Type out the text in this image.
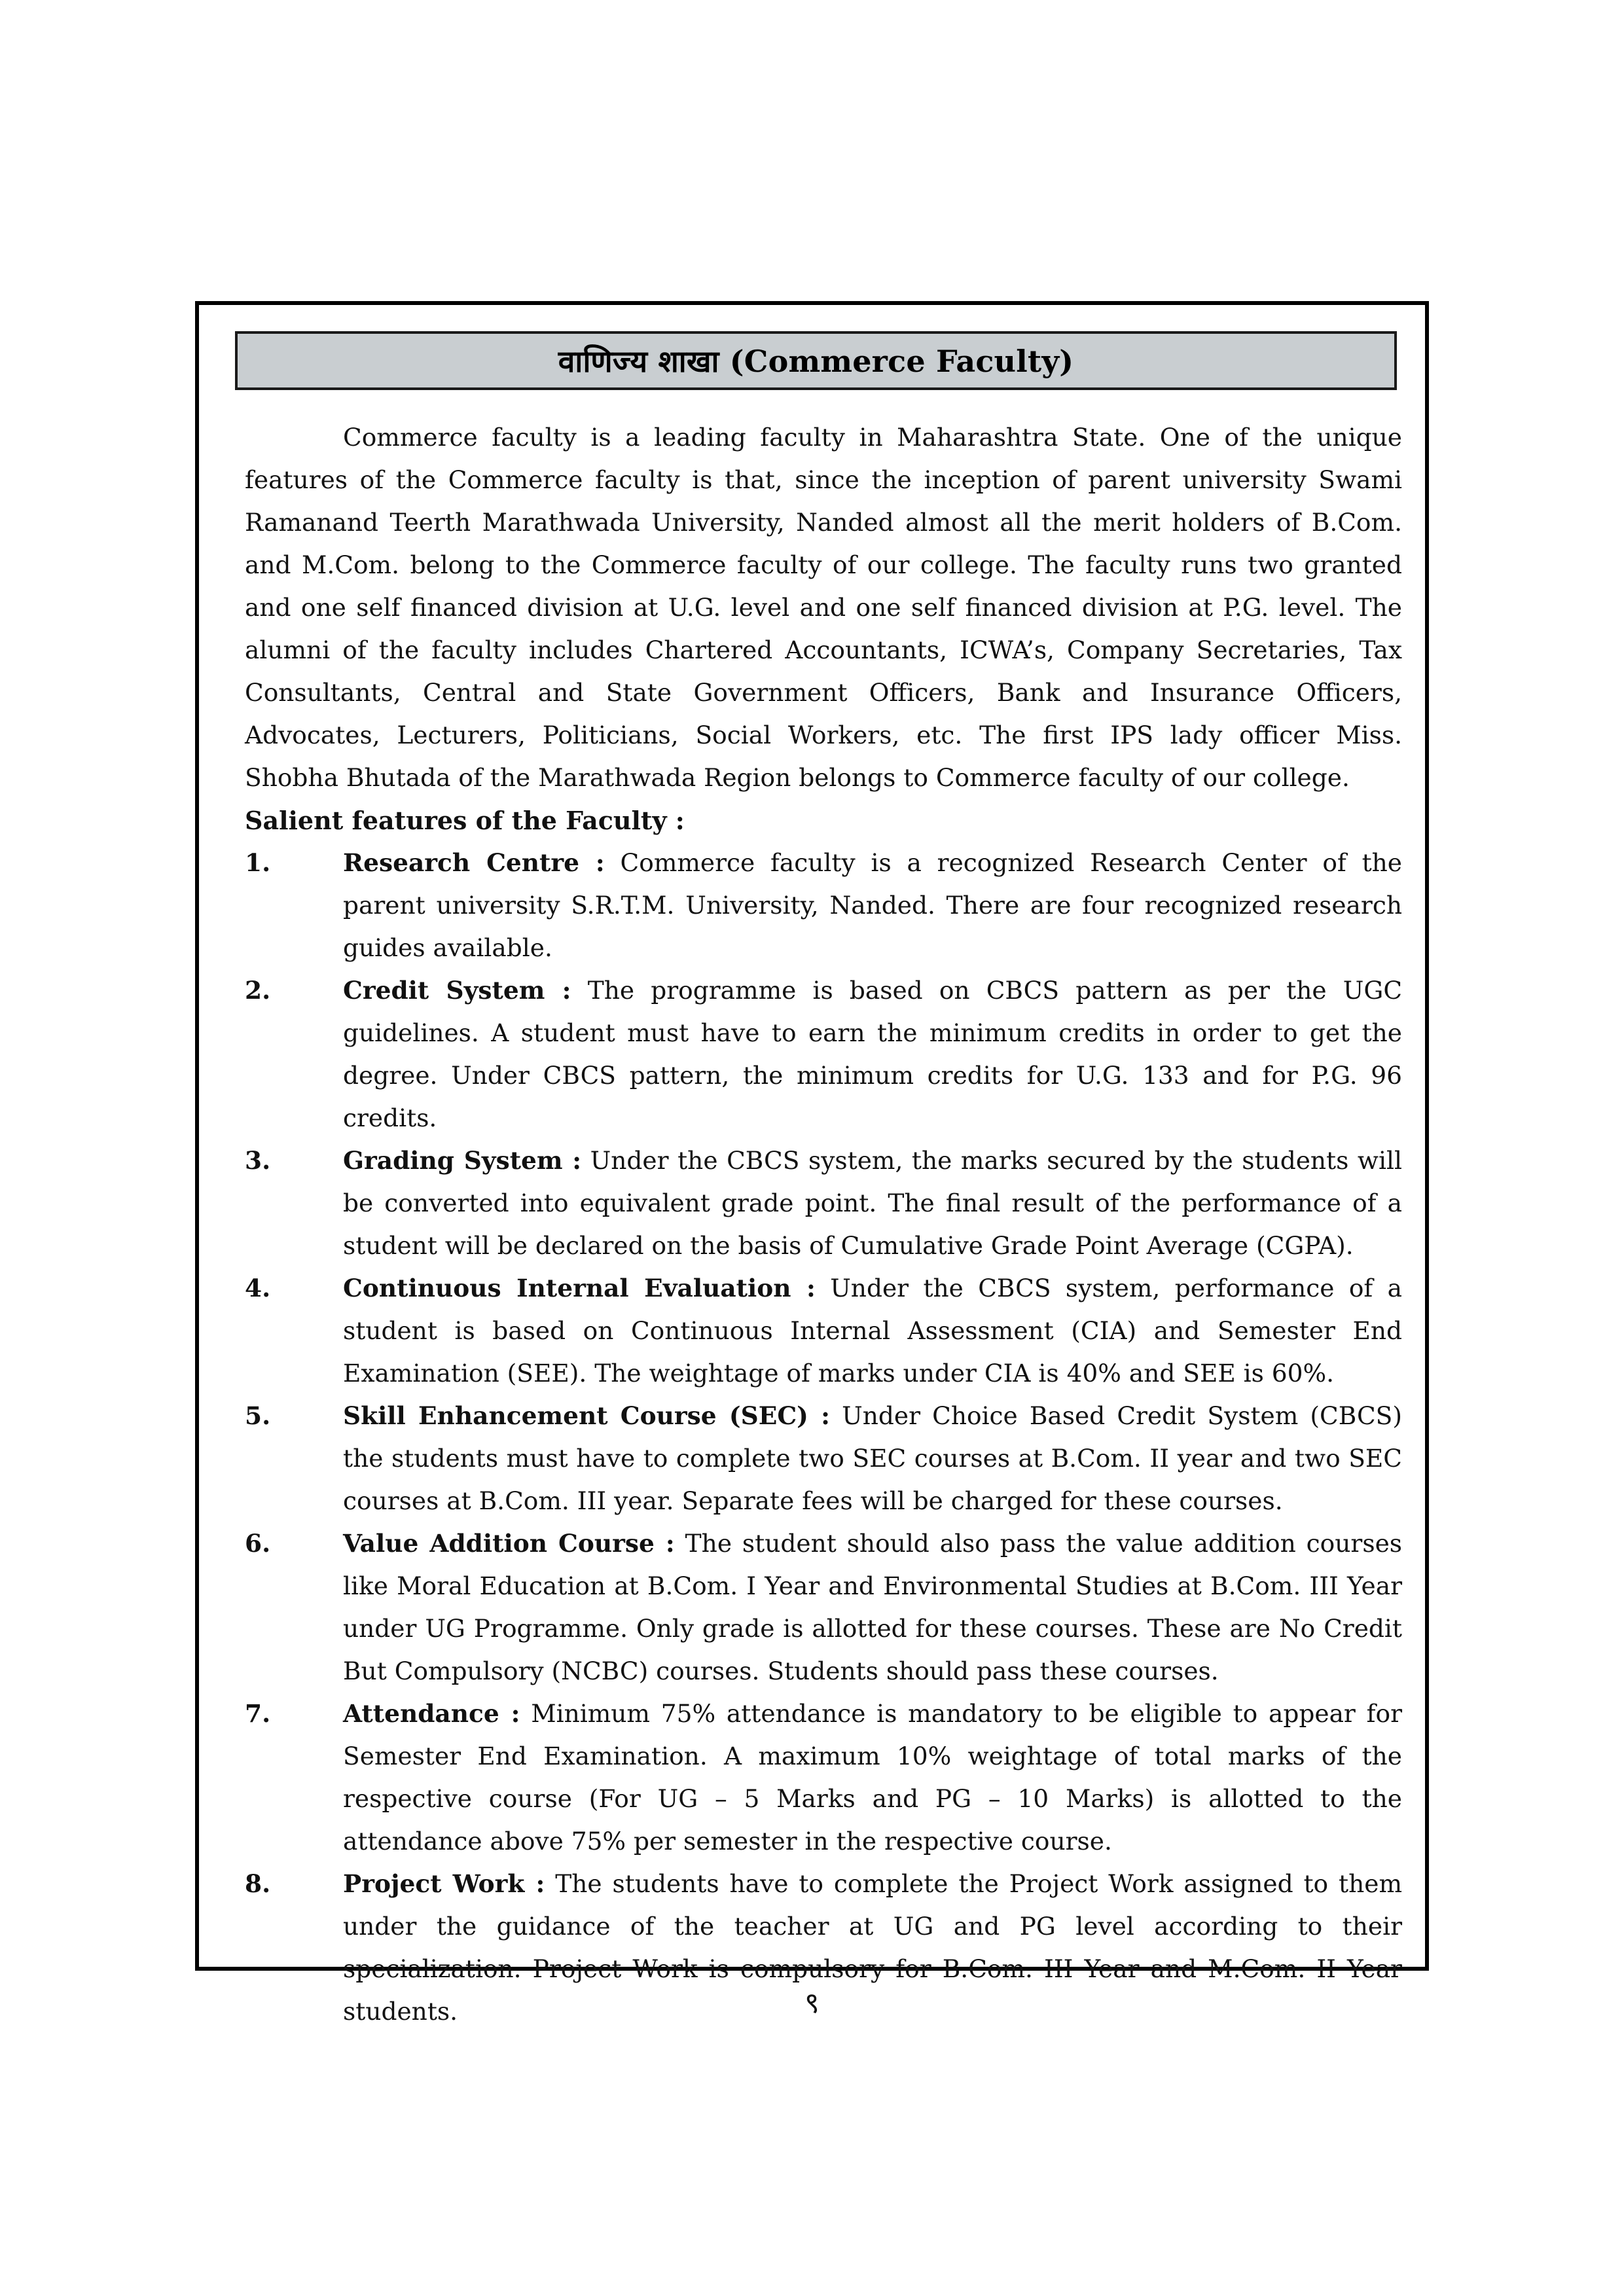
वाणिज्य शाखा (Commerce Faculty)

Commerce faculty is a leading faculty in Maharashtra State. One of the unique features of the Commerce faculty is that, since the inception of parent university Swami Ramanand Teerth Marathwada University, Nanded almost all the merit holders of B.Com. and M.Com. belong to the Commerce faculty of our college. The faculty runs two granted and one self financed division at U.G. level and one self financed division at P.G. level. The alumni of the faculty includes Chartered Accountants, ICWA’s, Company Secretaries, Tax Consultants, Central and State Government Officers, Bank and Insurance Officers, Advocates, Lecturers, Politicians, Social Workers, etc. The first IPS lady officer Miss. Shobha Bhutada of the Marathwada Region belongs to Commerce faculty of our college.

Salient features of the Faculty :

1.	Research Centre : Commerce faculty is a recognized Research Center of the parent university S.R.T.M. University, Nanded. There are four recognized research guides available.
2.	Credit System : The programme is based on CBCS pattern as per the UGC guidelines. A student must have to earn the minimum credits in order to get the degree. Under CBCS pattern, the minimum credits for U.G. 133 and for P.G. 96 credits.
3.	Grading System : Under the CBCS system, the marks secured by the students will be converted into equivalent grade point. The final result of the performance of a student will be declared on the basis of Cumulative Grade Point Average (CGPA).
4.	Continuous Internal Evaluation : Under the CBCS system, performance of a student is based on Continuous Internal Assessment (CIA) and Semester End Examination (SEE). The weightage of marks under CIA is 40% and SEE is 60%.
5.	Skill Enhancement Course (SEC) : Under Choice Based Credit System (CBCS) the students must have to complete two SEC courses at B.Com. II year and two SEC courses at B.Com. III year. Separate fees will be charged for these courses.
6.	Value Addition Course : The student should also pass the value addition courses like Moral Education at B.Com. I Year and Environmental Studies at B.Com. III Year under UG Programme. Only grade is allotted for these courses. These are No Credit But Compulsory (NCBC) courses. Students should pass these courses.
7.	Attendance : Minimum 75% attendance is mandatory to be eligible to appear for Semester End Examination. A maximum 10% weightage of total marks of the respective course (For UG – 5 Marks and PG – 10 Marks) is allotted to the attendance above 75% per semester in the respective course.
8.	Project Work : The students have to complete the Project Work assigned to them under the guidance of the teacher at UG and PG level according to their specialization. Project Work is compulsory for B.Com. III Year and M.Com. II Year students.	९
